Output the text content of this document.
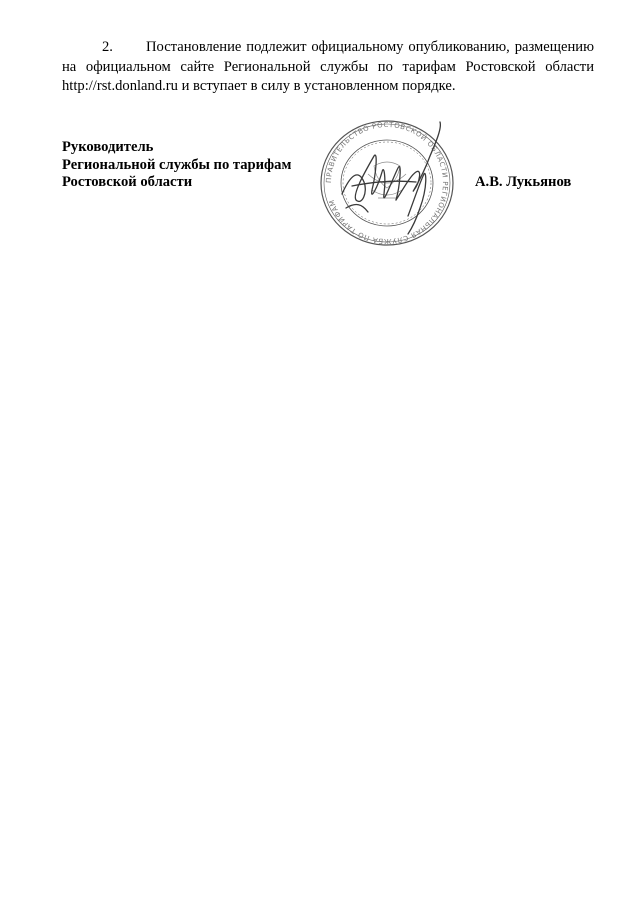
2. Постановление подлежит официальному опубликованию, размещению на официальном сайте Региональной службы по тарифам Ростовской области http://rst.donland.ru и вступает в силу в установленном порядке.

Руководитель
Региональной службы по тарифам
Ростовской области	ПРАВИТЕЛЬСТВО РОСТОВСКОЙ ОБЛАСТИ РЕГИОНАЛЬНАЯ СЛУЖБА ПО ТАРИФАМ
А.В. Лукьянов
